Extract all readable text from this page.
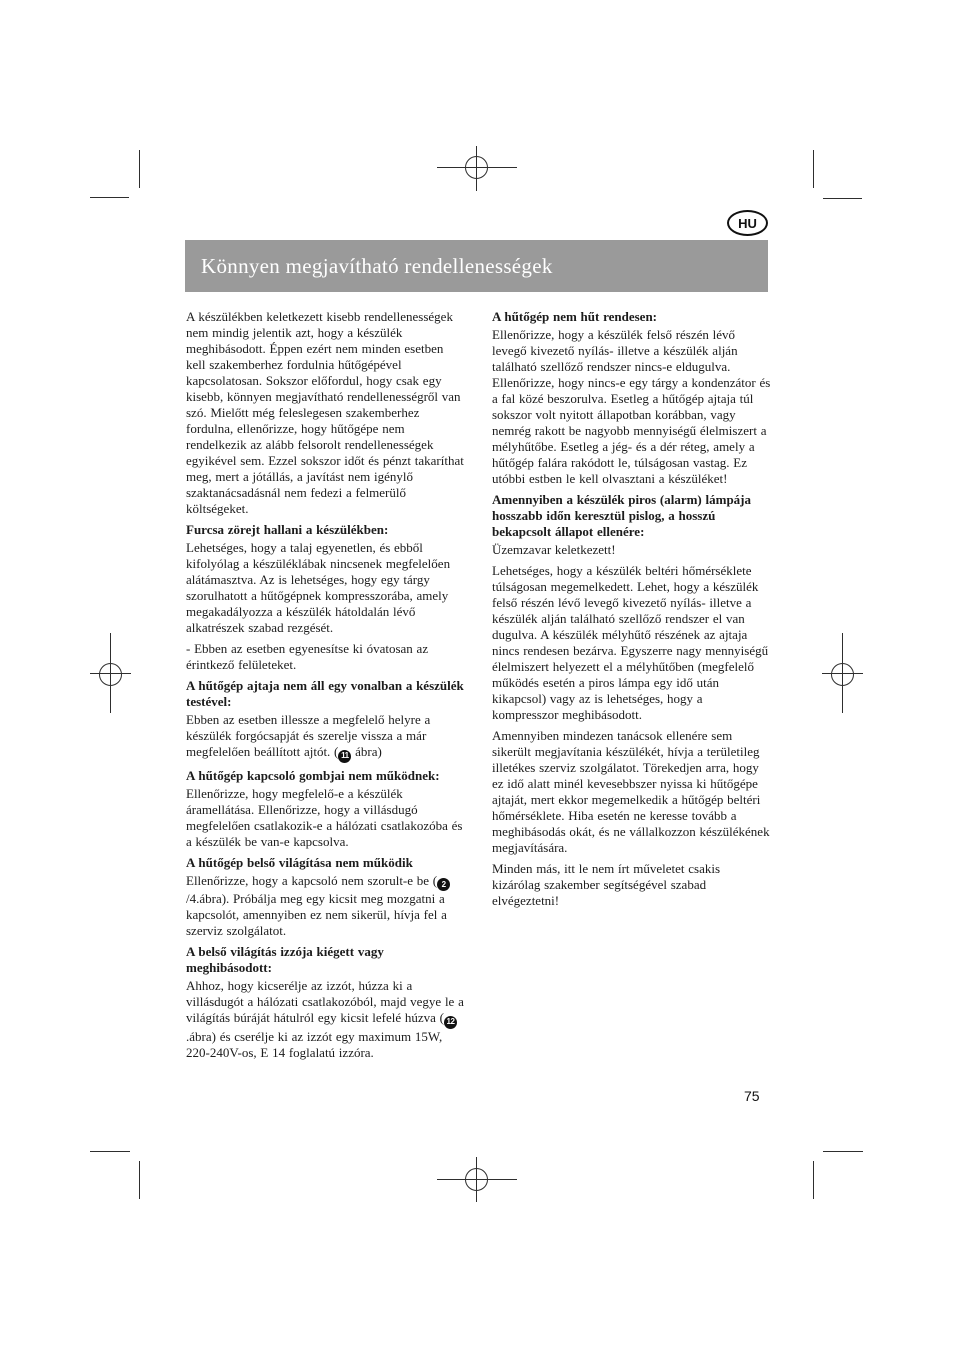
HU
Könnyen megjavítható rendellenességek

A készülékben keletkezett kisebb rendellenességek nem mindig jelentik azt, hogy a készülék meghibásodott. Éppen ezért nem minden esetben kell szakemberhez fordulnia hűtőgépével kapcsolatosan. Sokszor előfordul, hogy csak egy kisebb, könnyen megjavítható rendellenességről van szó. Mielőtt még feleslegesen szakemberhez fordulna, ellenőrizze, hogy hűtőgépe nem rendelkezik az alább felsorolt rendellenességek egyikével sem. Ezzel sokszor időt és pénzt takaríthat meg, mert a jótállás, a javítást nem igénylő szaktanácsadásnál nem fedezi a felmerülő költségeket.

Furcsa zörejt hallani a készülékben:

Lehetséges, hogy a talaj egyenetlen, és ebből kifolyólag a készüléklábak nincsenek megfelelően alátámasztva. Az is lehetséges, hogy egy tárgy szorulhatott a hűtőgépnek kompresszorába, amely megakadályozza a készülék hátoldalán lévő alkatrészek szabad rezgését.

- Ebben az esetben egyenesítse ki óvatosan az érintkező felületeket.

A hűtőgép ajtaja nem áll egy vonalban a készülék testével:

Ebben az esetben illessze a megfelelő helyre a készülék forgócsapját és szerelje vissza a már megfelelően beállított ajtót. ( 11 ábra)

A hűtőgép kapcsoló gombjai nem működnek:

Ellenőrizze, hogy megfelelő-e a készülék áramellátása. Ellenőrizze, hogy a villásdugó megfelelően csatlakozik-e a hálózati csatlakozóba és a készülék be van-e kapcsolva.

A hűtőgép belső világítása nem működik

Ellenőrizze, hogy a kapcsoló nem szorult-e be ( 2/4.ábra). Próbálja meg egy kicsit meg mozgatni a kapcsolót, amennyiben ez nem sikerül, hívja fel a szerviz szolgálatot.

A belső világítás izzója kiégett vagy meghibásodott:

Ahhoz, hogy kicserélje az izzót, húzza ki a villásdugót a hálózati csatlakozóból, majd vegye le a világítás búráját hátulról egy kicsit lefelé húzva ( 12.ábra) és cserélje ki az izzót egy maximum 15W, 220-240V-os, E 14 foglalatú izzóra.

A hűtőgép nem hűt rendesen:

Ellenőrizze, hogy a készülék felső részén lévő levegő kivezető nyílás- illetve a készülék alján található szellőző rendszer nincs-e eldugulva. Ellenőrizze, hogy nincs-e egy tárgy a kondenzátor és a fal közé beszorulva. Esetleg a hűtőgép ajtaja túl sokszor volt nyitott állapotban korábban, vagy nemrég rakott be nagyobb mennyiségű élelmiszert a mélyhűtőbe. Esetleg a jég- és a dér réteg, amely a hűtőgép falára rakódott le, túlságosan vastag. Ez utóbbi estben le kell olvasztani a készüléket!

Amennyiben a készülék piros (alarm) lámpája hosszabb időn keresztül pislog, a hosszú bekapcsolt állapot ellenére:

Üzemzavar keletkezett!

Lehetséges, hogy a készülék beltéri hőmérséklete túlságosan megemelkedett. Lehet, hogy a készülék felső részén lévő levegő kivezető nyílás- illetve a készülék alján található szellőző rendszer el van dugulva. A készülék mélyhűtő részének az ajtaja nincs rendesen bezárva. Egyszerre nagy mennyiségű élelmiszert helyezett el a mélyhűtőben (megfelelő működés esetén a piros lámpa egy idő után kikapcsol) vagy az is lehetséges, hogy a kompresszor meghibásodott.

Amennyiben mindezen tanácsok ellenére sem sikerült megjavítania készülékét, hívja a területileg illetékes szerviz szolgálatot. Törekedjen arra, hogy ez idő alatt minél kevesebbszer nyissa ki hűtőgépe ajtaját, mert ekkor megemelkedik a hűtőgép beltéri hőmérséklete. Hiba esetén ne keresse tovább a meghibásodás okát, és ne vállalkozzon készülékének megjavítására.

Minden más, itt le nem írt műveletet csakis kizárólag szakember segítségével szabad elvégeztetni!

75
